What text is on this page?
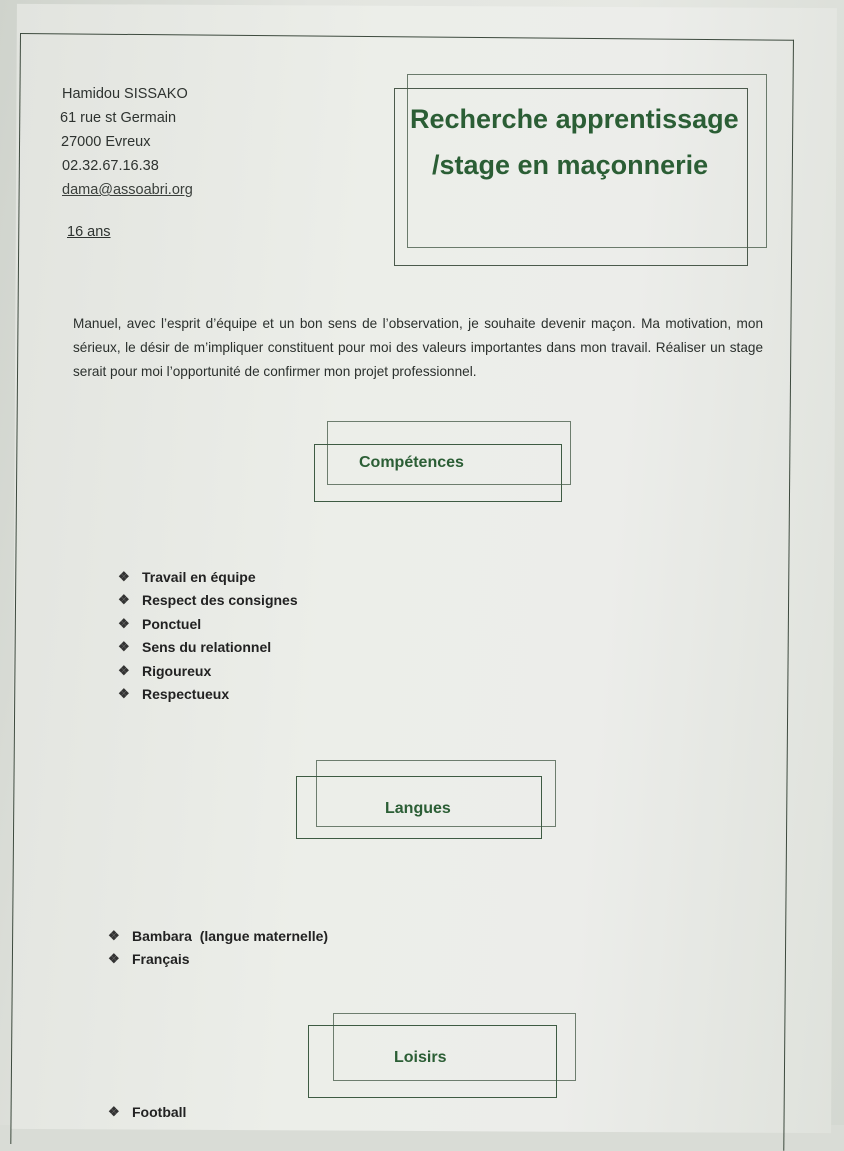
Hamidou SISSAKO
61 rue st Germain
27000 Evreux
02.32.67.16.38
dama@assoabri.org
16 ans
Recherche apprentissage
/stage en maçonnerie
Manuel, avec l’esprit d’équipe et un bon sens de l’observation, je souhaite devenir maçon. Ma motivation, mon sérieux, le désir de m’impliquer constituent pour moi des valeurs importantes dans mon travail. Réaliser un stage serait pour moi l’opportunité de confirmer mon projet professionnel.
Compétences
❖ Travail en équipe
❖ Respect des consignes
❖ Ponctuel
❖ Sens du relationnel
❖ Rigoureux
❖ Respectueux
Langues
❖ Bambara  (langue maternelle)
❖ Français
Loisirs
❖ Football
